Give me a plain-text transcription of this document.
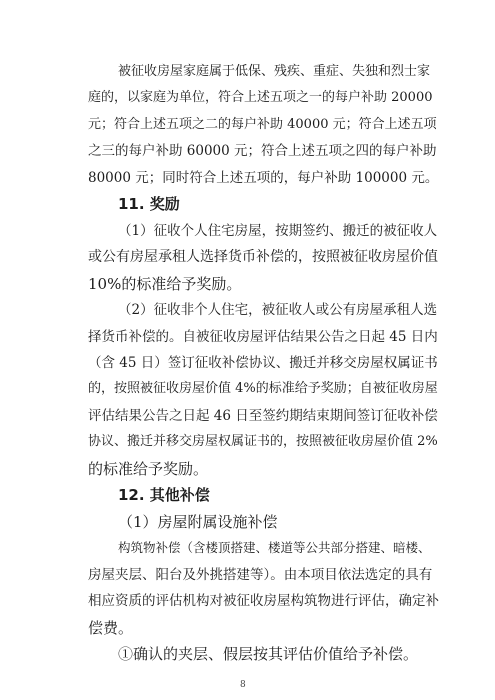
被征收房屋家庭属于低保、残疾、重症、失独和烈士家
庭的，以家庭为单位，符合上述五项之一的每户补助 20000
元；符合上述五项之二的每户补助 40000 元；符合上述五项
之三的每户补助 60000 元；符合上述五项之四的每户补助
80000 元；同时符合上述五项的，每户补助 100000 元。
11. 奖励
（1）征收个人住宅房屋，按期签约、搬迁的被征收人
或公有房屋承租人选择货币补偿的，按照被征收房屋价值
10%的标准给予奖励。
（2）征收非个人住宅，被征收人或公有房屋承租人选
择货币补偿的。自被征收房屋评估结果公告之日起 45 日内
（含 45 日）签订征收补偿协议、搬迁并移交房屋权属证书
的，按照被征收房屋价值 4%的标准给予奖励；自被征收房屋
评估结果公告之日起 46 日至签约期结束期间签订征收补偿
协议、搬迁并移交房屋权属证书的，按照被征收房屋价值 2%
的标准给予奖励。
12. 其他补偿
（1）房屋附属设施补偿
构筑物补偿（含楼顶搭建、楼道等公共部分搭建、暗楼、
房屋夹层、阳台及外挑搭建等）。由本项目依法选定的具有
相应资质的评估机构对被征收房屋构筑物进行评估，确定补
偿费。
①确认的夹层、假层按其评估价值给予补偿。
8
